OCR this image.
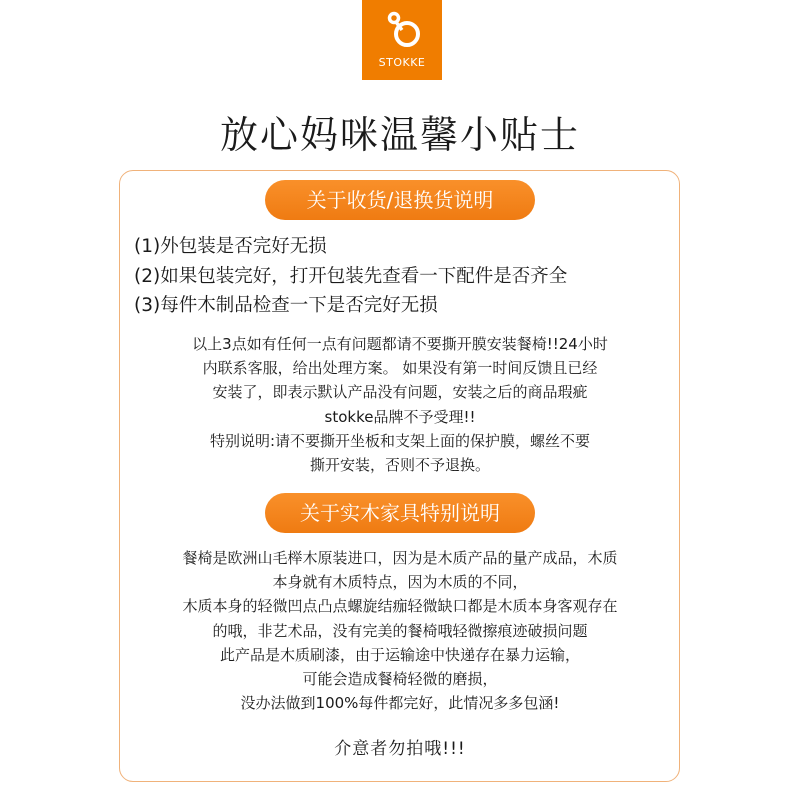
STOKKE
放心妈咪温馨小贴士
关于收货/退换货说明
(1)外包装是否完好无损
(2)如果包装完好，打开包装先查看一下配件是否齐全
(3)每件木制品检查一下是否完好无损
以上3点如有任何一点有问题都请不要撕开膜安装餐椅!!24小时
内联系客服，给出处理方案。 如果没有第一时间反馈且已经
安装了，即表示默认产品没有问题，安装之后的商品瑕疵
stokke品牌不予受理!!
特别说明:请不要撕开坐板和支架上面的保护膜，螺丝不要
撕开安装，否则不予退换。
关于实木家具特别说明
餐椅是欧洲山毛榉木原装进口，因为是木质产品的量产成品，木质
本身就有木质特点，因为木质的不同，
木质本身的轻微凹点凸点螺旋结痂轻微缺口都是木质本身客观存在
的哦，非艺术品，没有完美的餐椅哦轻微擦痕迹破损问题
此产品是木质刷漆，由于运输途中快递存在暴力运输，
可能会造成餐椅轻微的磨损，
没办法做到100%每件都完好，此情况多多包涵!
介意者勿拍哦!!!
